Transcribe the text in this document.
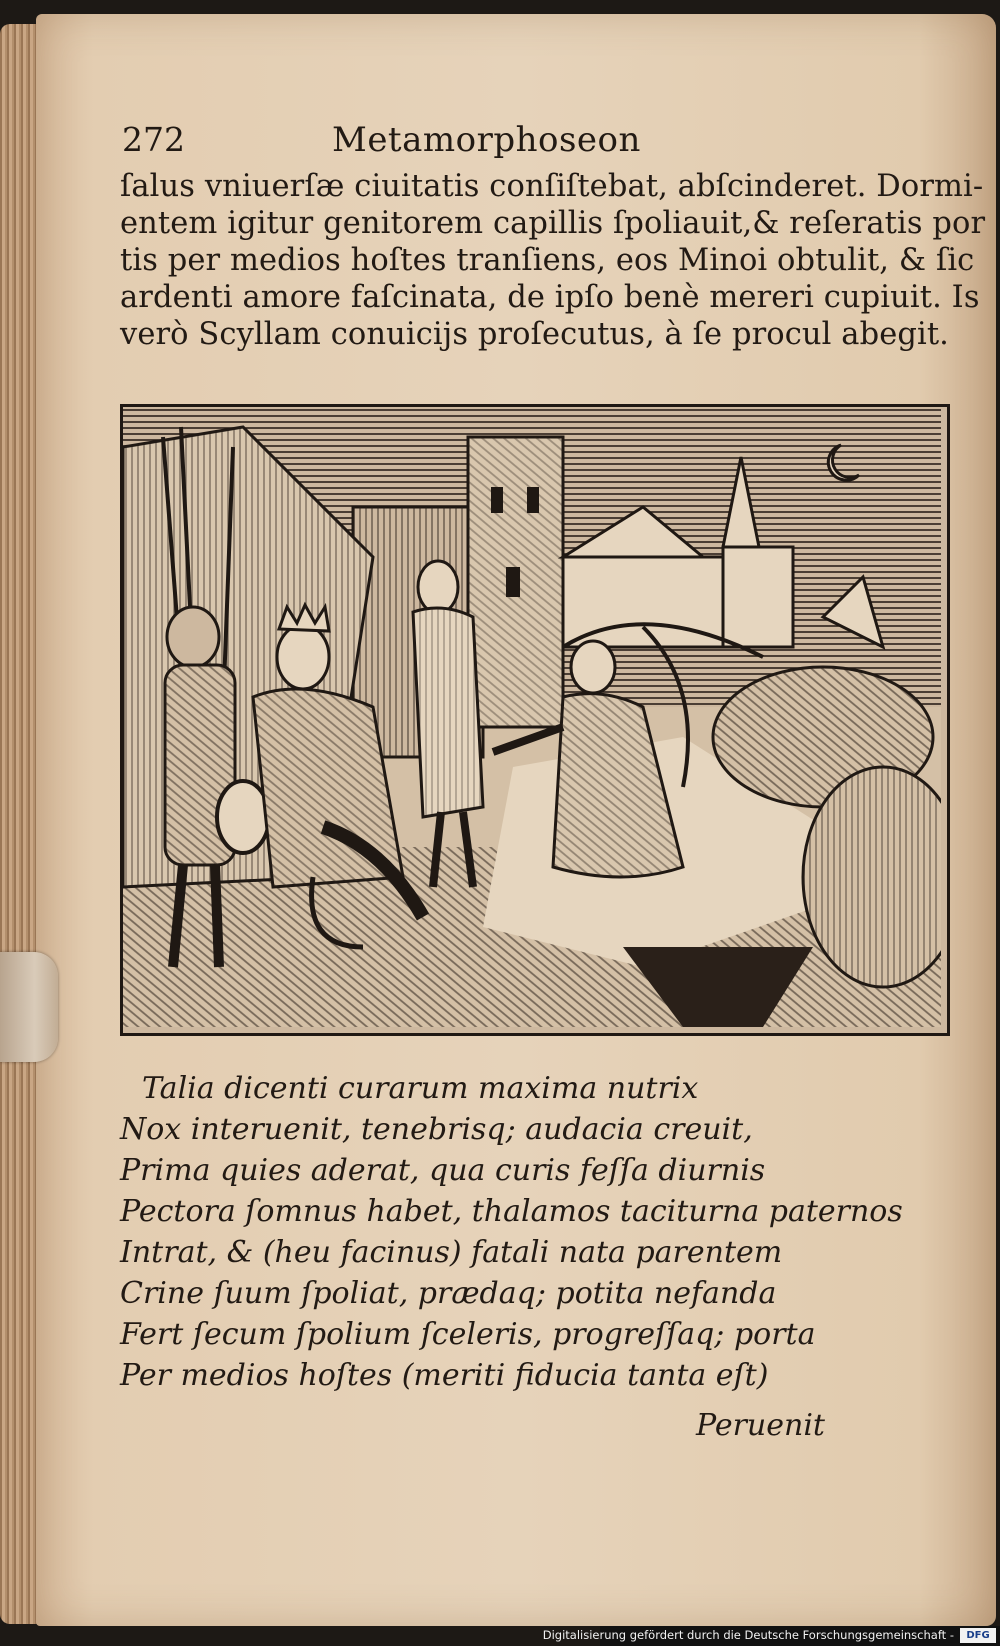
272	Metamorphoseon
ſalus vniuerſæ ciuitatis conſiſtebat, abſcinderet. Dormi-
entem igitur genitorem capillis ſpoliauit,& reſeratis por
tis per medios hoſtes tranſiens, eos Minoi obtulit, & ſic
ardenti amore faſcinata, de ipſo benè mereri cupiuit. Is
verò Scyllam conuicijs proſecutus, à ſe procul abegit.
Talia dicenti curarum maxima nutrix
Nox interuenit, tenebrisq; audacia creuit,
Prima quies aderat, qua curis feſſa diurnis
Pectora ſomnus habet, thalamos taciturna paternos
Intrat, & (heu facinus) fatali nata parentem
Crine ſuum ſpoliat, prædaq; potita nefanda
Fert ſecum ſpolium ſceleris, progreſſaq; porta
Per medios hoſtes (meriti fiducia tanta eſt)
Peruenit
Digitalisierung gefördert durch die Deutsche Forschungsgemeinschaft -	DFG
